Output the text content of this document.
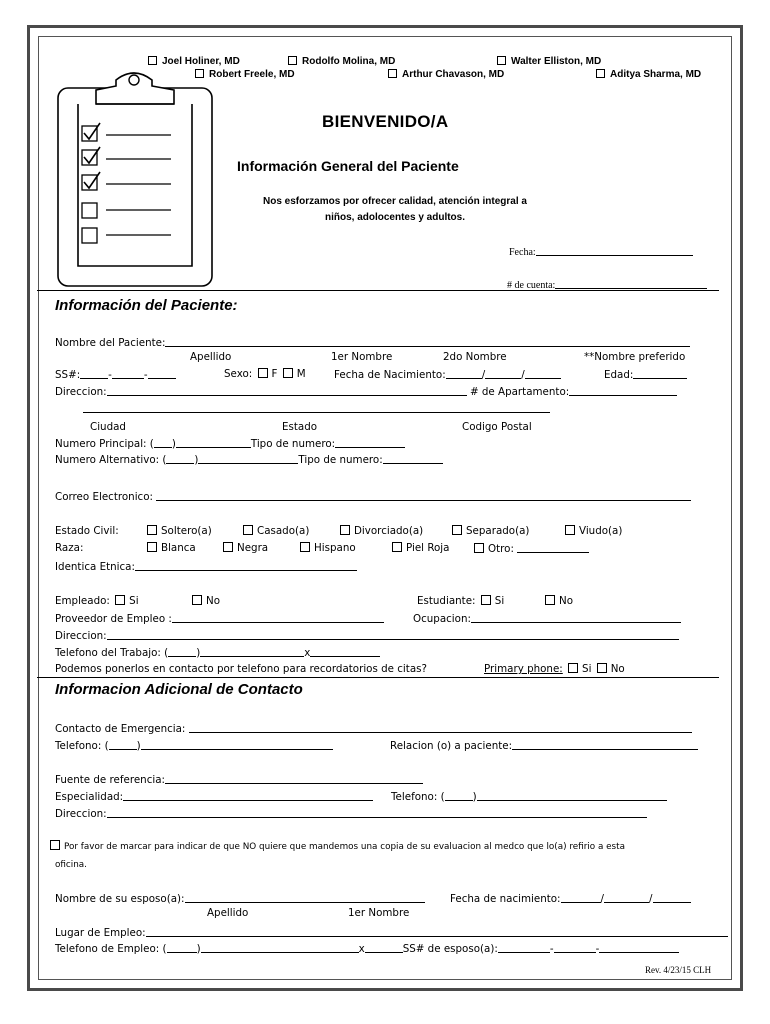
Joel Holiner, MD	Rodolfo Molina, MD	Walter Elliston, MD
Robert Freele, MD	Arthur Chavason, MD	Aditya Sharma, MD
BIENVENIDO/A
Información General del Paciente
Nos esforzamos por ofrecer calidad, atención integral a
niños, adolocentes y adultos.
Fecha:
# de cuenta:
Información del Paciente:
Nombre del Paciente:
Apellido	1er Nombre	2do Nombre	**Nombre preferido
SS#:	-	-	Sexo: F M	Fecha de Nacimiento:	/	/	Edad:
Direccion:	# de Apartamento:
Ciudad	Estado	Codigo Postal
Numero Principal: ( )	Tipo de numero:
Numero Alternativo: (	)	Tipo de numero:
Correo Electronico:
Estado Civil:	Soltero(a)	Casado(a)	Divorciado(a)	Separado(a)	Viudo(a)
Raza:	Blanca	Negra	Hispano	Piel Roja	Otro:
Identica Etnica:
Empleado: Si	No	Estudiante: Si	No
Proveedor de Empleo :	Ocupacion:
Direccion:
Telefono del Trabajo: (	)	x
Podemos ponerlos en contacto por telefono para recordatorios de citas?	Primary phone: Si No
Informacion Adicional de Contacto
Contacto de Emergencia:
Telefono: (	)	Relacion (o) a paciente:
Fuente de referencia:
Especialidad:	Telefono: (	)
Direccion:
Por favor de marcar para indicar de que NO quiere que mandemos una copia de su evaluacion al medco que lo(a) refirio a esta
oficina.
Nombre de su esposo(a):	Fecha de nacimiento:	/	/
Apellido	1er Nombre
Lugar de Empleo:
Telefono de Empleo: (	)	x	SS# de esposo(a):	-	-
Rev. 4/23/15 CLH
